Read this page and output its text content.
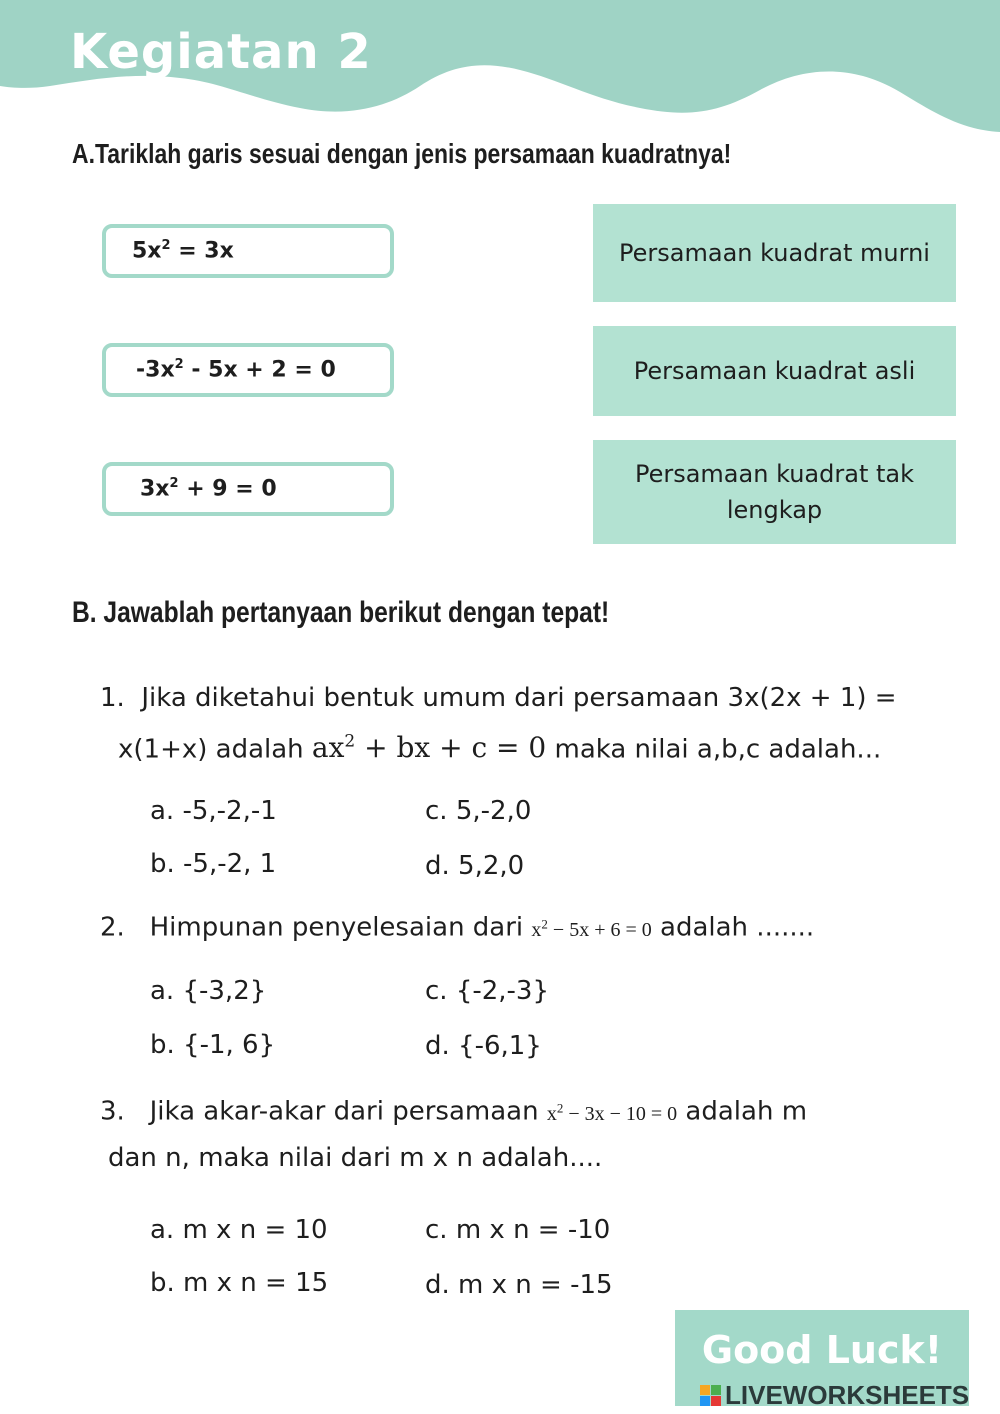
Kegiatan 2
A.Tariklah garis sesuai dengan jenis persamaan kuadratnya!
$5x^2 = 3x$
$-3x^2 - 5x + 2 = 0$
$3x^2 + 9 = 0$
Persamaan kuadrat murni
Persamaan kuadrat asli
Persamaan kuadrat tak lengkap
B. Jawablah pertanyaan berikut dengan tepat!
1. Jika diketahui bentuk umum dari persamaan 3x(2x + 1) =
x(1+x) adalah $ax^2$ + bx + c = 0 maka nilai a,b,c adalah...
a. -5,-2,-1
b. -5,-2, 1
c. 5,-2,0
d. 5,2,0
2. Himpunan penyelesaian dari $x^2 - 5x + 6 = 0$ adalah .......
a. {-3,2}
b. {-1, 6}
c. {-2,-3}
d. {-6,1}
3. Jika akar-akar dari persamaan $x^2 - 3x - 10 = 0$ adalah m
dan n, maka nilai dari m x n adalah....
a. m x n = 10
b. m x n = 15
c. m x n = -10
d. m x n = -15
Good Luck!
LIVEWORKSHEETS
